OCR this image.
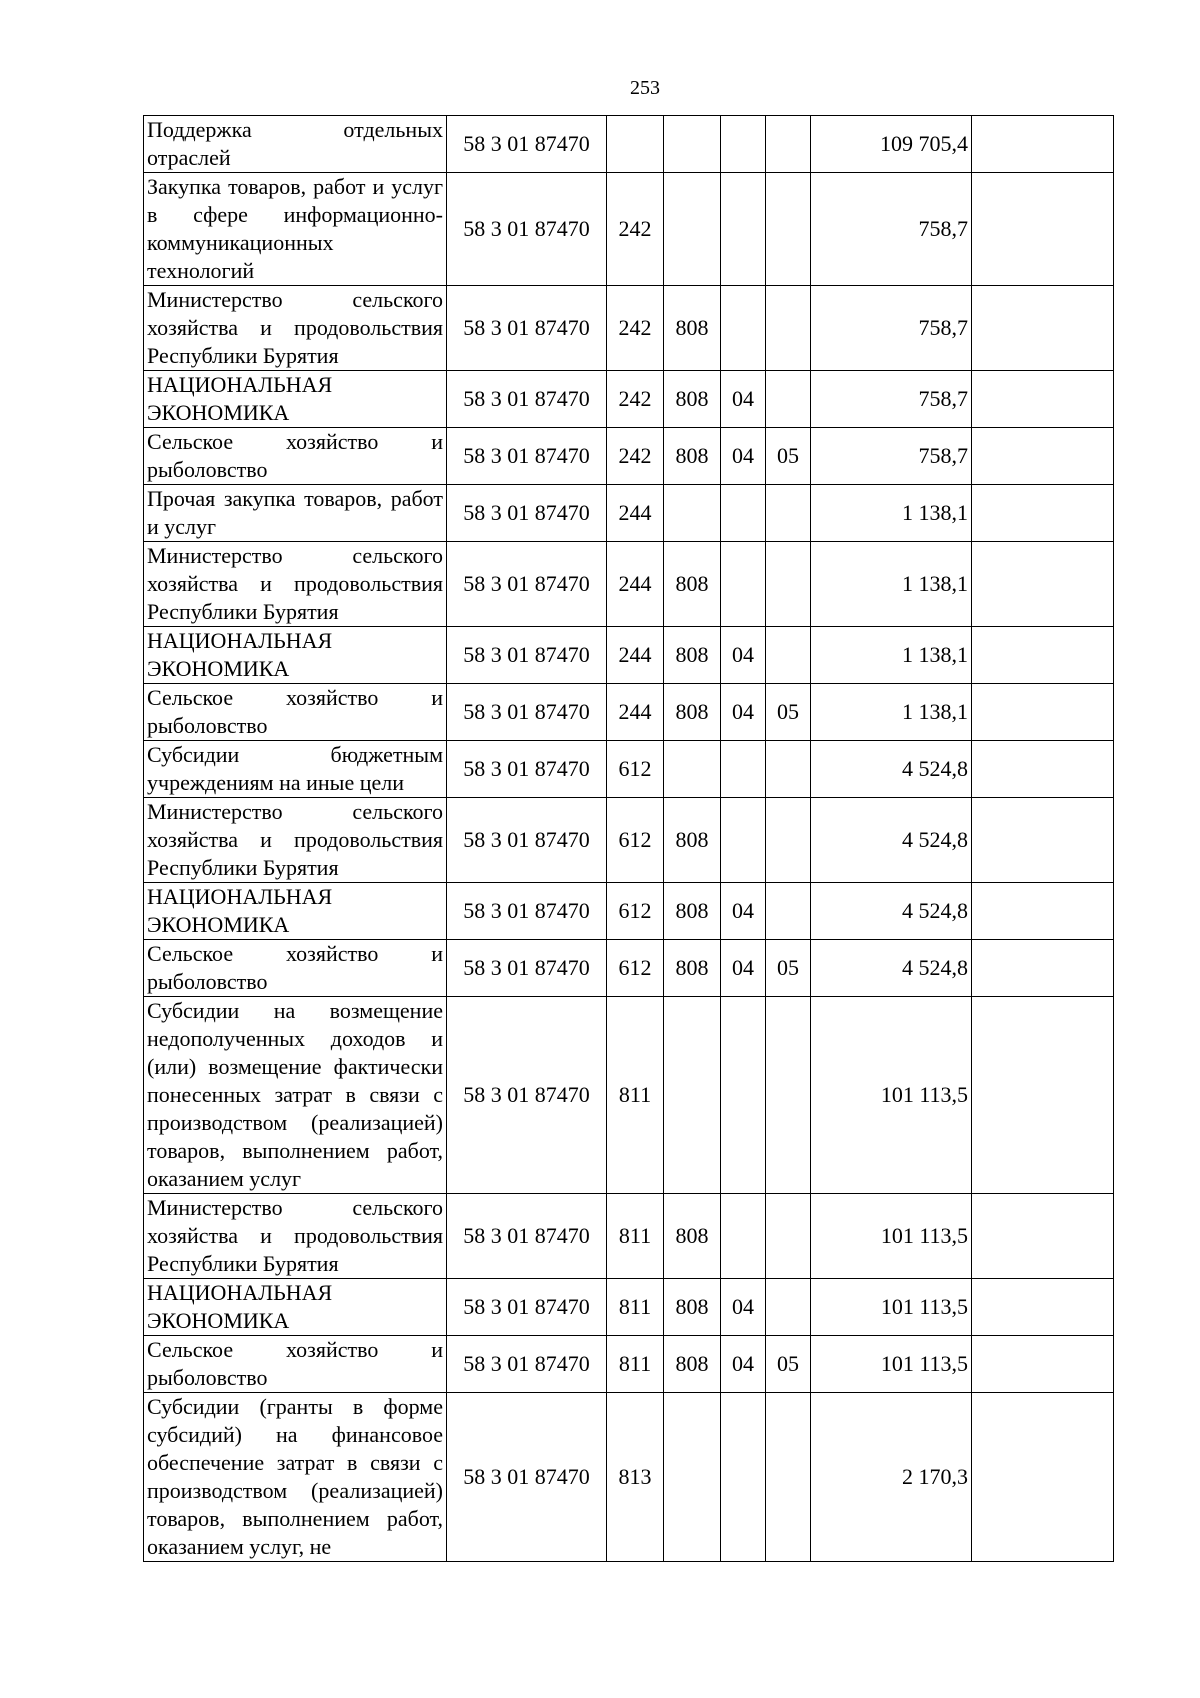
253
Поддержка отдельных отраслей	58 3 01 87470					109 705,4	
Закупка товаров, работ и услуг в сфере информационно-коммуникационных технологий	58 3 01 87470	242				758,7	
Министерство сельского хозяйства и продовольствия Республики Бурятия	58 3 01 87470	242	808			758,7	
НАЦИОНАЛЬНАЯ ЭКОНОМИКА	58 3 01 87470	242	808	04		758,7	
Сельское хозяйство и рыболовство	58 3 01 87470	242	808	04	05	758,7	
Прочая закупка товаров, работ и услуг	58 3 01 87470	244				1 138,1	
Министерство сельского хозяйства и продовольствия Республики Бурятия	58 3 01 87470	244	808			1 138,1	
НАЦИОНАЛЬНАЯ ЭКОНОМИКА	58 3 01 87470	244	808	04		1 138,1	
Сельское хозяйство и рыболовство	58 3 01 87470	244	808	04	05	1 138,1	
Субсидии бюджетным учреждениям на иные цели	58 3 01 87470	612				4 524,8	
Министерство сельского хозяйства и продовольствия Республики Бурятия	58 3 01 87470	612	808			4 524,8	
НАЦИОНАЛЬНАЯ ЭКОНОМИКА	58 3 01 87470	612	808	04		4 524,8	
Сельское хозяйство и рыболовство	58 3 01 87470	612	808	04	05	4 524,8	
Субсидии на возмещение недополученных доходов и (или) возмещение фактически понесенных затрат в связи с производством (реализацией) товаров, выполнением работ, оказанием услуг	58 3 01 87470	811				101 113,5	
Министерство сельского хозяйства и продовольствия Республики Бурятия	58 3 01 87470	811	808			101 113,5	
НАЦИОНАЛЬНАЯ ЭКОНОМИКА	58 3 01 87470	811	808	04		101 113,5	
Сельское хозяйство и рыболовство	58 3 01 87470	811	808	04	05	101 113,5	
Субсидии (гранты в форме субсидий) на финансовое обеспечение затрат в связи с производством (реализацией) товаров, выполнением работ, оказанием услуг, не	58 3 01 87470	813				2 170,3	
